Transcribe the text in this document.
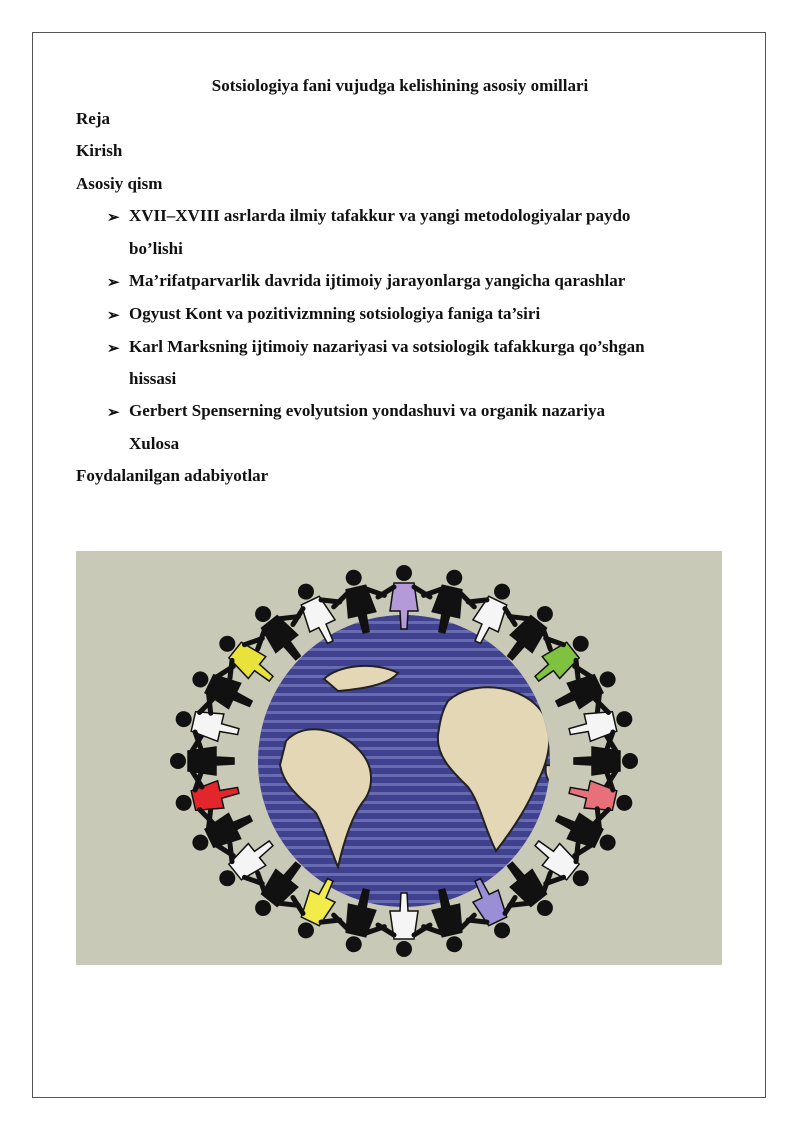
Sotsiologiya fani vujudga kelishining asosiy omillari
Reja
Kirish
Asosiy qism
➢ XVII–XVIII asrlarda ilmiy tafakkur va yangi metodologiyalar paydo
bo’lishi
➢ Ma’rifatparvarlik davrida ijtimoiy jarayonlarga yangicha qarashlar
➢ Ogyust Kont va pozitivizmning sotsiologiya faniga ta’siri
➢ Karl Marksning ijtimoiy nazariyasi va sotsiologik tafakkurga qo’shgan
hissasi
➢ Gerbert Spenserning evolyutsion yondashuvi va organik nazariya
Xulosa
Foydalanilgan adabiyotlar
